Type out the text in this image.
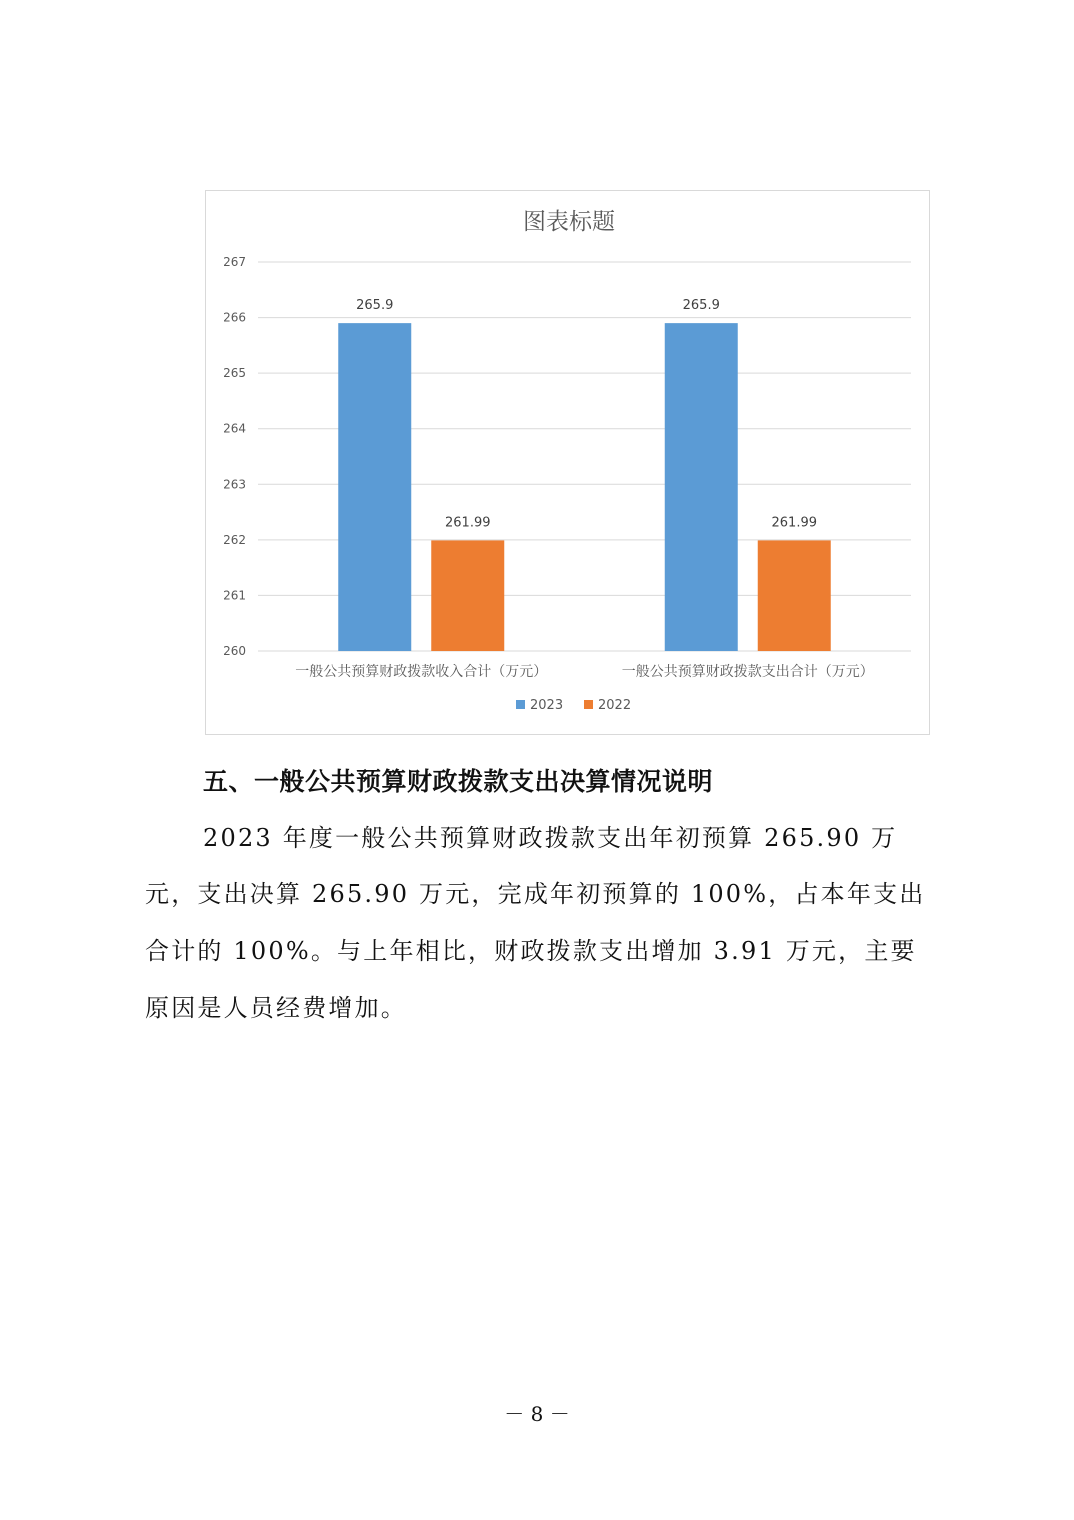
图表标题
260
261
262
263
264
265
266
267
265.9
261.99
一般公共预算财政拨款收入合计（万元）
265.9
261.99
一般公共预算财政拨款支出合计（万元）
2023	2022
五、一般公共预算财政拨款支出决算情况说明
2023 年度一般公共预算财政拨款支出年初预算 265.90 万
元，支出决算 265.90 万元，完成年初预算的 100%，占本年支出
合计的 100%。与上年相比，财政拨款支出增加 3.91 万元，主要
原因是人员经费增加。
－ 8 －
